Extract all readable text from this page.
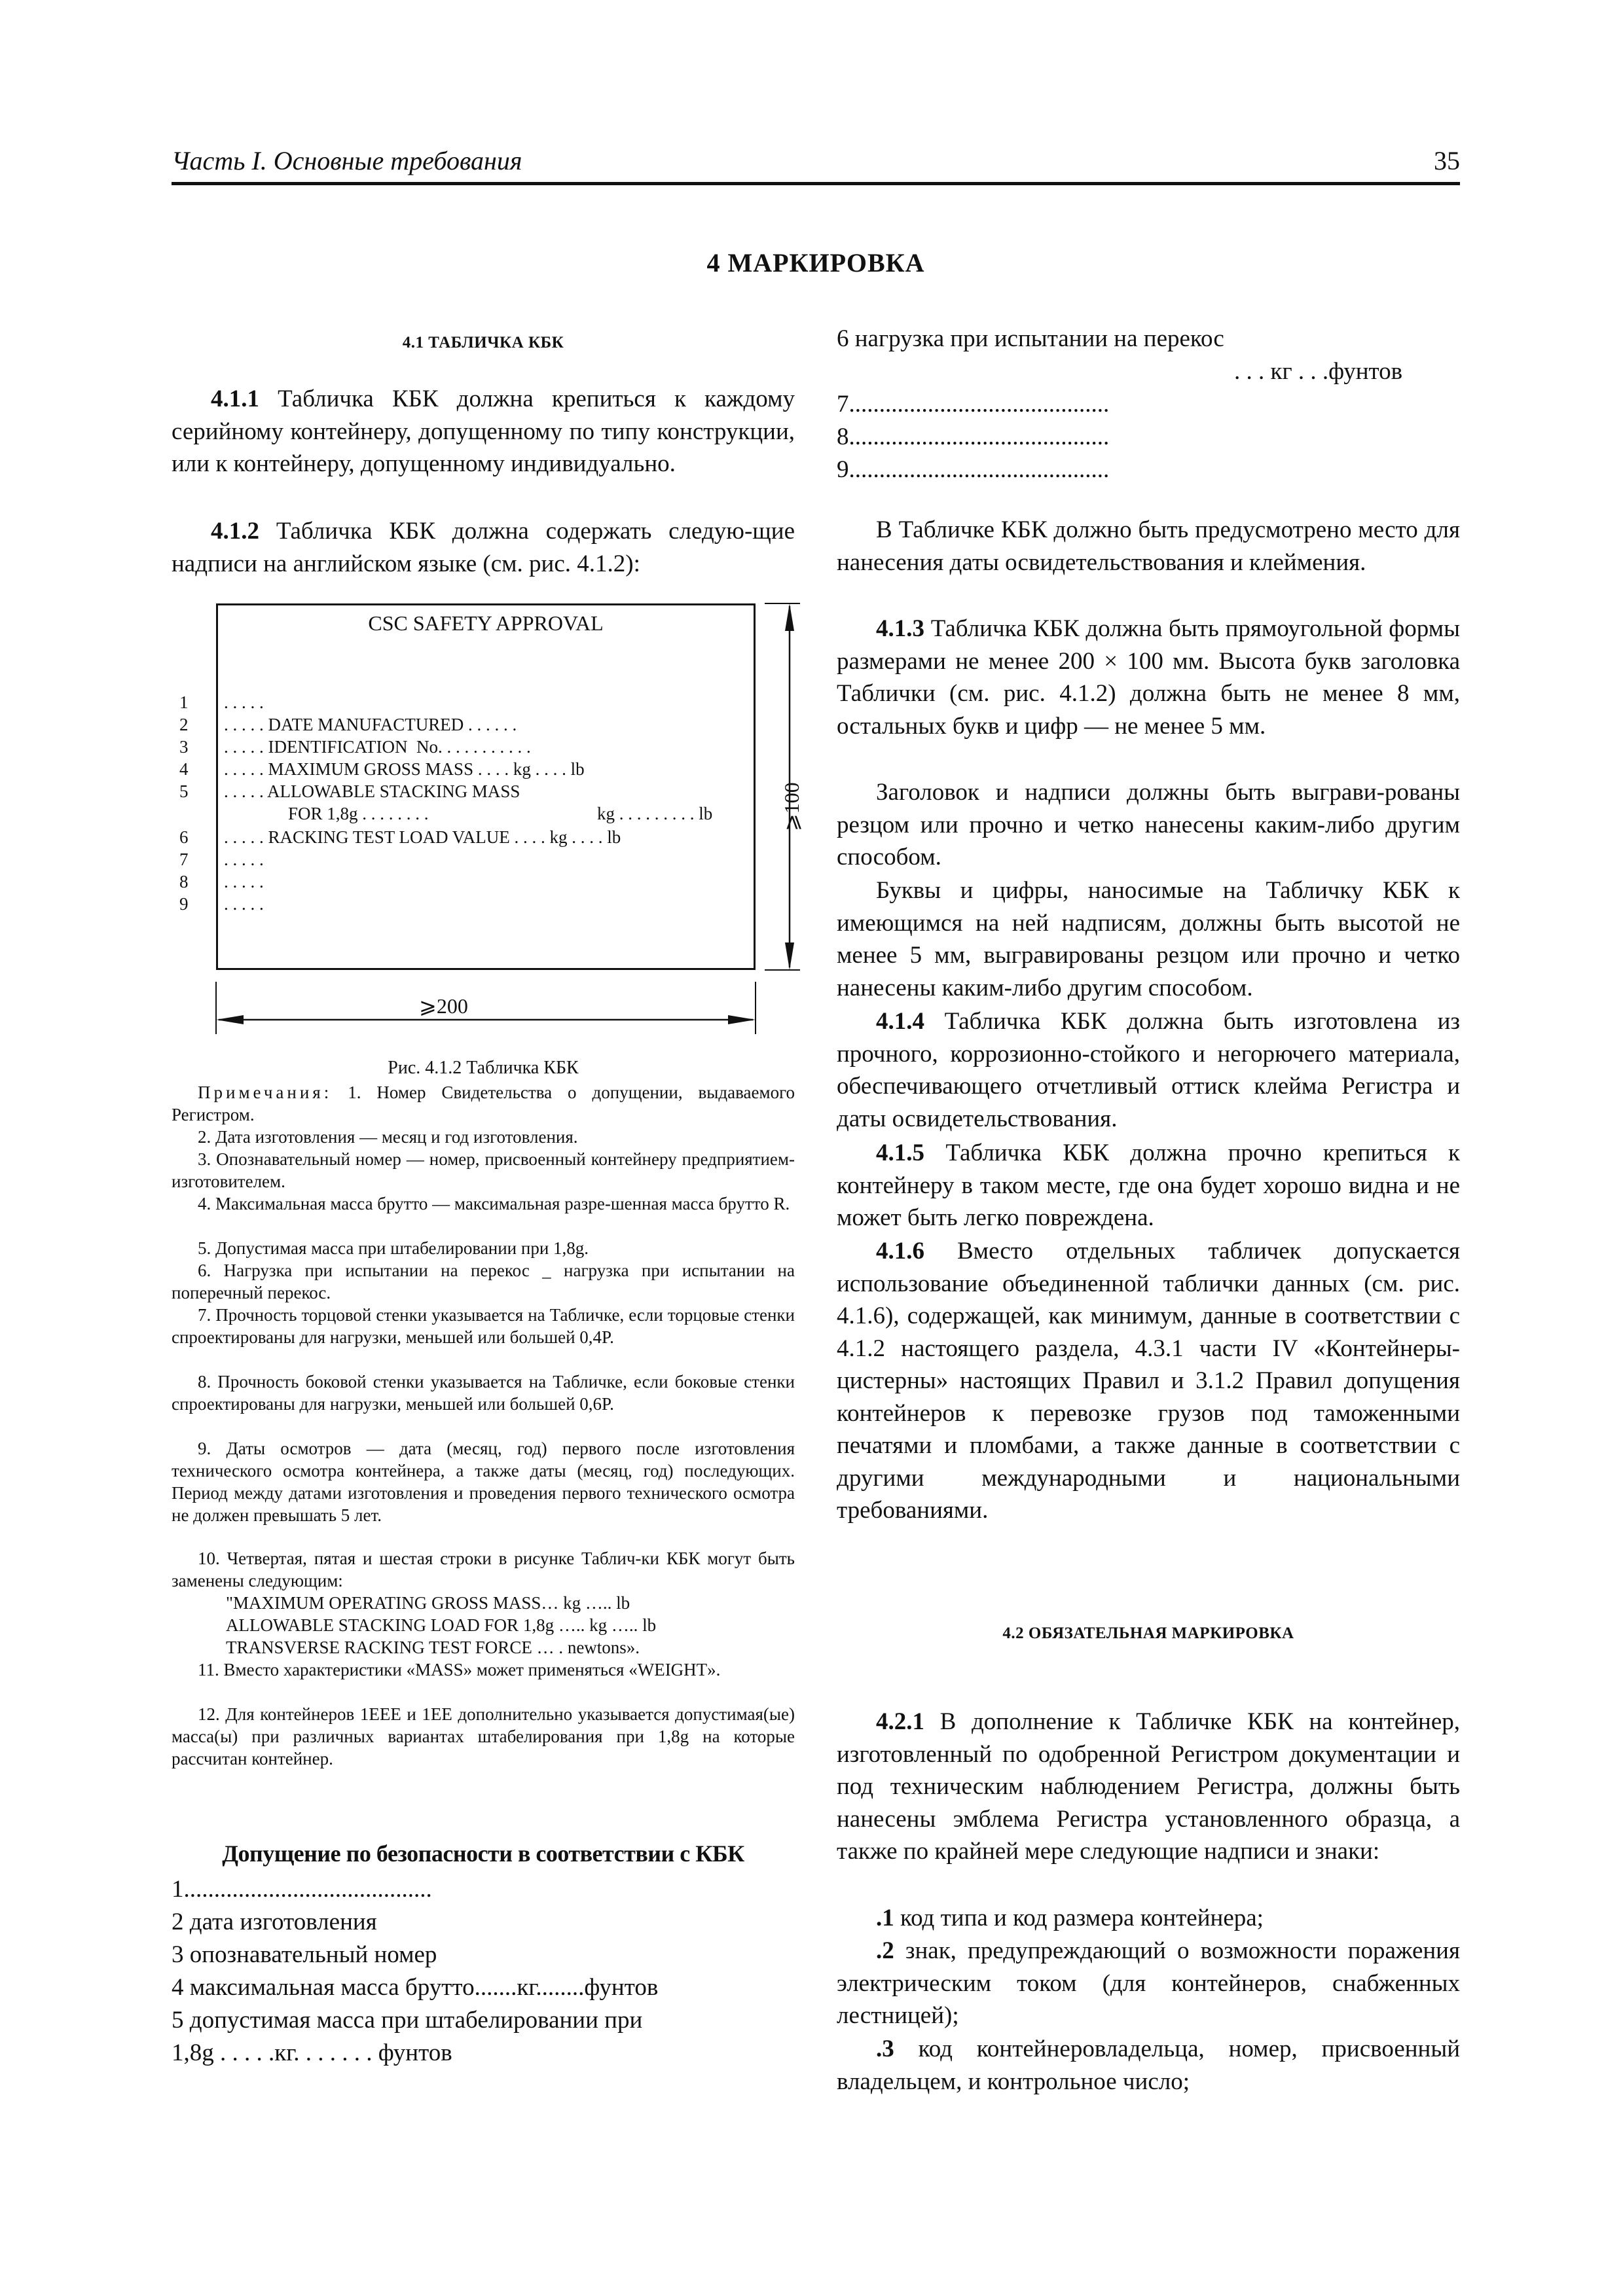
Часть I. Основные требования	35
4 МАРКИРОВКА
4.1 ТАБЛИЧКА КБК
4.1.1 Табличка КБК должна крепиться к каждому серийному контейнеру, допущенному по типу конструкции, или к контейнеру, допущенному индивидуально.
4.1.2 Табличка КБК должна содержать следую-щие надписи на английском языке (см. рис. 4.1.2):
CSC SAFETY APPROVAL
1
2
3
4
5
6
7
8
9
. . . . .
. . . . . DATE MANUFACTURED . . . . . .
. . . . . IDENTIFICATION  No. . . . . . . . . . .
. . . . . MAXIMUM GROSS MASS . . . . kg . . . . lb
. . . . . ALLOWABLE STACKING MASS
FOR 1,8g . . . . . . . .	kg . . . . . . . . . lb
. . . . . RACKING TEST LOAD VALUE . . . . kg . . . . lb
. . . . .
. . . . .
. . . . .
⩾200
⩾100
Рис. 4.1.2 Табличка КБК
Примечания: 1. Номер Свидетельства о допущении, выдаваемого Регистром.
2. Дата изготовления — месяц и год изготовления.
3. Опознавательный номер — номер, присвоенный контейнеру предприятием-изготовителем.
4. Максимальная масса брутто — максимальная разре-шенная масса брутто R.
5. Допустимая масса при штабелировании при 1,8g.
6. Нагрузка при испытании на перекос _ нагрузка при испытании на поперечный перекос.
7. Прочность торцовой стенки указывается на Табличке, если торцовые стенки спроектированы для нагрузки, меньшей или большей 0,4P.
8. Прочность боковой стенки указывается на Табличке, если боковые стенки спроектированы для нагрузки, меньшей или большей 0,6P.
9. Даты осмотров — дата (месяц, год) первого после изготовления технического осмотра контейнера, а также даты (месяц, год) последующих. Период между датами изготовления и проведения первого технического осмотра не должен превышать 5 лет.
10. Четвертая, пятая и шестая строки в рисунке Таблич-ки КБК могут быть заменены следующим:
"MAXIMUM OPERATING GROSS MASS… kg ….. lb
ALLOWABLE STACKING LOAD FOR 1,8g ….. kg ….. lb
TRANSVERSE RACKING TEST FORCE … . newtons».
11. Вместо характеристики «MASS» может применяться «WEIGHT».
12. Для контейнеров 1EEE и 1EE дополнительно указывается допустимая(ые) масса(ы) при различных вариантах штабелирования при 1,8g на которые рассчитан контейнер.
Допущение по безопасности в соответствии с КБК
1.........................................
2 дата изготовления
3 опознавательный номер
4 максимальная масса брутто.......кг........фунтов
5 допустимая масса при штабелировании при
1,8g . . . . .кг. . . . . . . фунтов
6 нагрузка при испытании на перекос
. . . кг . . .фунтов
7...........................................
8...........................................
9...........................................
В Табличке КБК должно быть предусмотрено место для нанесения даты освидетельствования и клеймения.
4.1.3 Табличка КБК должна быть прямоугольной формы размерами не менее 200 × 100 мм. Высота букв заголовка Таблички (см. рис. 4.1.2) должна быть не менее 8 мм, остальных букв и цифр — не менее 5 мм.
Заголовок и надписи должны быть выграви-рованы резцом или прочно и четко нанесены каким-либо другим способом.
Буквы и цифры, наносимые на Табличку КБК к имеющимся на ней надписям, должны быть высотой не менее 5 мм, выгравированы резцом или прочно и четко нанесены каким-либо другим способом.
4.1.4 Табличка КБК должна быть изготовлена из прочного, коррозионно-стойкого и негорючего материала, обеспечивающего отчетливый оттиск клейма Регистра и даты освидетельствования.
4.1.5 Табличка КБК должна прочно крепиться к контейнеру в таком месте, где она будет хорошо видна и не может быть легко повреждена.
4.1.6 Вместо отдельных табличек допускается использование объединенной таблички данных (см. рис. 4.1.6), содержащей, как минимум, данные в соответствии с 4.1.2 настоящего раздела, 4.3.1 части IV «Контейнеры-цистерны» настоящих Правил и 3.1.2 Правил допущения контейнеров к перевозке грузов под таможенными печатями и пломбами, а также данные в соответствии с другими международными и национальными требованиями.
4.2 ОБЯЗАТЕЛЬНАЯ МАРКИРОВКА
4.2.1 В дополнение к Табличке КБК на контейнер, изготовленный по одобренной Регистром документации и под техническим наблюдением Регистра, должны быть нанесены эмблема Регистра установленного образца, а также по крайней мере следующие надписи и знаки:
.1 код типа и код размера контейнера;
.2 знак, предупреждающий о возможности поражения электрическим током (для контейнеров, снабженных лестницей);
.3 код контейнеровладельца, номер, присвоенный владельцем, и контрольное число;
